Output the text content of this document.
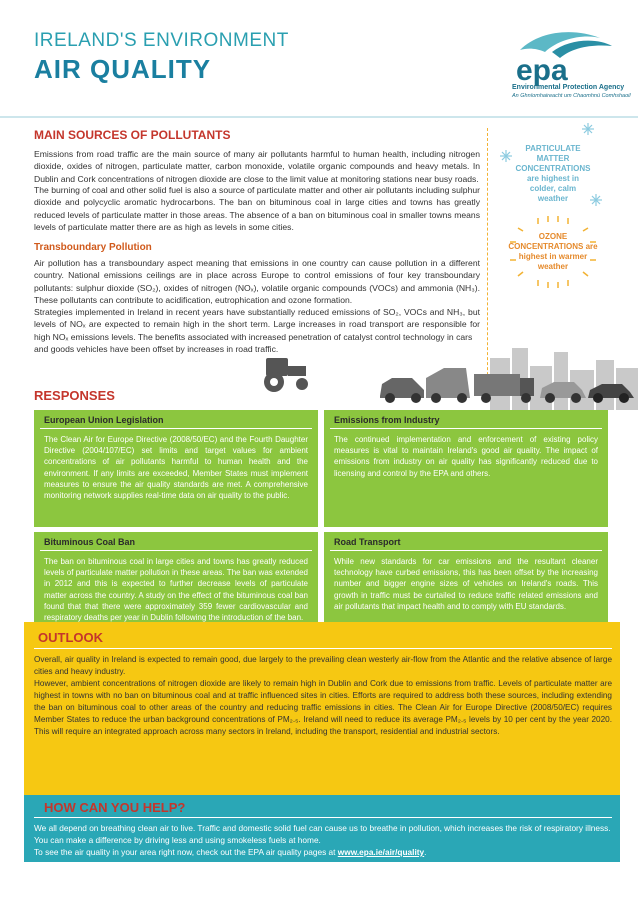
IRELAND'S ENVIRONMENT
AIR QUALITY	epa
Environmental Protection Agency
An Ghníomhaireacht um Chaomhnú Comhshaoil
MAIN SOURCES OF POLLUTANTS
Emissions from road traffic are the main source of many air pollutants harmful to human health, including nitrogen dioxide, oxides of nitrogen, particulate matter, carbon monoxide, volatile organic compounds and heavy metals. In Dublin and Cork concentrations of nitrogen dioxide are close to the limit value at monitoring stations near busy roads.
The burning of coal and other solid fuel is also a source of particulate matter and other air pollutants including sulphur dioxide and polycyclic aromatic hydrocarbons. The ban on bituminous coal in large cities and towns has greatly reduced levels of particulate matter in those areas. The absence of a ban on bituminous coal in smaller towns means levels of particulate matter there are as high as levels in some cities.
Transboundary Pollution
Air pollution has a transboundary aspect meaning that emissions in one country can cause pollution in a different country. National emissions ceilings are in place across Europe to control emissions of four key transboundary pollutants: sulphur dioxide (SO₂), oxides of nitrogen (NOₓ), volatile organic compounds (VOCs) and ammonia (NH₃). These pollutants can contribute to acidification, eutrophication and ozone formation.
Strategies implemented in Ireland in recent years have substantially reduced emissions of SO₂, VOCs and NH₃, but levels of NOₓ are expected to remain high in the short term. Large increases in road transport are responsible for high NOₓ emissions levels. The benefits associated with increased penetration of catalyst control technology in cars
and goods vehicles have been offset by increases in road traffic.
PARTICULATE MATTER CONCENTRATIONS are highest in colder, calm weather
OZONE CONCENTRATIONS are highest in warmer weather
RESPONSES
European Union Legislation
The Clean Air for Europe Directive (2008/50/EC) and the Fourth Daughter Directive (2004/107/EC) set limits and target values for ambient concentrations of air pollutants harmful to human health and the environment. If any limits are exceeded, Member States must implement measures to ensure the air quality standards are met. A comprehensive monitoring network supplies real-time data on air quality to the public.
Emissions from Industry
The continued implementation and enforcement of existing policy measures is vital to maintain Ireland's good air quality. The impact of emissions from industry on air quality has significantly reduced due to licensing and control by the EPA and others.
Bituminous Coal Ban
The ban on bituminous coal in large cities and towns has greatly reduced levels of particulate matter pollution in these areas. The ban was extended in 2012 and this is expected to further decrease levels of particulate matter across the country. A study on the effect of the bituminous coal ban found that that there were approximately 359 fewer cardiovascular and respiratory deaths per year in Dublin following the introduction of the ban.
Road Transport
While new standards for car emissions and the resultant cleaner technology have curbed emissions, this has been offset by the increasing number and bigger engine sizes of vehicles on Ireland's roads. This growth in traffic must be curtailed to reduce traffic related emissions and air pollutants that impact health and to comply with EU standards.
OUTLOOK
Overall, air quality in Ireland is expected to remain good, due largely to the prevailing clean westerly air-flow from the Atlantic and the relative absence of large cities and heavy industry.
However, ambient concentrations of nitrogen dioxide are likely to remain high in Dublin and Cork due to emissions from traffic. Levels of particulate matter are highest in towns with no ban on bituminous coal and at traffic influenced sites in cities. Efforts are required to address both these sources, including extending the ban on bituminous coal to other areas of the country and reducing traffic emissions in cities. The Clean Air for Europe Directive (2008/50/EC) requires Member States to reduce the urban background concentrations of PM₂.₅. Ireland will need to reduce its average PM₂.₅ levels by 10 per cent by the year 2020. This will require an integrated approach across many sectors in Ireland, including the transport, residential and industrial sectors.
HOW CAN YOU HELP?
We all depend on breathing clean air to live. Traffic and domestic solid fuel can cause us to breathe in pollution, which increases the risk of respiratory illness. You can make a difference by driving less and using smokeless fuels at home.
To see the air quality in your area right now, check out the EPA air quality pages at www.epa.ie/air/quality.
